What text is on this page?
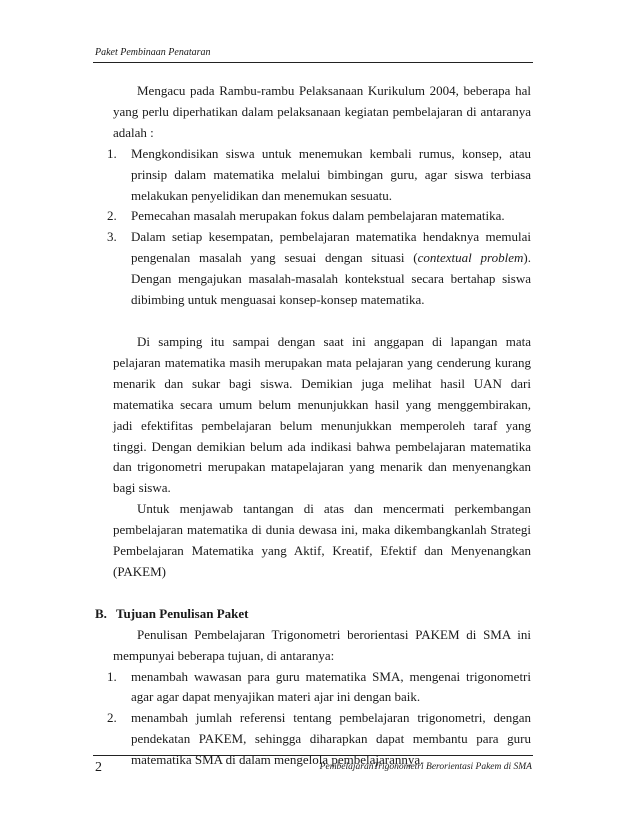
Paket Pembinaan Penataran

Mengacu pada Rambu-rambu Pelaksanaan Kurikulum 2004, beberapa hal yang perlu diperhatikan dalam pelaksanaan kegiatan pembelajaran di antaranya adalah :

1. Mengkondisikan siswa untuk menemukan kembali rumus, konsep, atau prinsip dalam matematika melalui bimbingan guru, agar siswa terbiasa melakukan penyelidikan dan menemukan sesuatu.
2. Pemecahan masalah merupakan fokus dalam pembelajaran matematika.
3. Dalam setiap kesempatan, pembelajaran matematika hendaknya memulai pengenalan masalah yang sesuai dengan situasi (contextual problem). Dengan mengajukan masalah-masalah kontekstual secara bertahap siswa dibimbing untuk menguasai konsep-konsep matematika.

Di samping itu sampai dengan saat ini anggapan di lapangan mata pelajaran matematika masih merupakan mata pelajaran yang cenderung kurang menarik dan sukar bagi siswa. Demikian juga melihat hasil UAN dari matematika secara umum belum menunjukkan hasil yang menggembirakan, jadi efektifitas pembelajaran belum menunjukkan memperoleh taraf yang tinggi. Dengan demikian belum ada indikasi bahwa pembelajaran matematika dan trigonometri merupakan matapelajaran yang menarik dan menyenangkan bagi siswa.

Untuk menjawab tantangan di atas dan mencermati perkembangan pembelajaran matematika di dunia dewasa ini, maka dikembangkanlah Strategi Pembelajaran Matematika yang Aktif, Kreatif, Efektif dan Menyenangkan (PAKEM)

B. Tujuan Penulisan Paket

Penulisan Pembelajaran Trigonometri berorientasi PAKEM di SMA ini mempunyai beberapa tujuan, di antaranya:

1. menambah wawasan para guru matematika SMA, mengenai trigonometri agar agar dapat menyajikan materi ajar ini dengan baik.
2. menambah jumlah referensi tentang pembelajaran trigonometri, dengan pendekatan PAKEM, sehingga diharapkan dapat membantu para guru matematika SMA di dalam mengelola pembelajarannya.
2	PembelajaranTrigonometri Berorientasi Pakem di SMA
